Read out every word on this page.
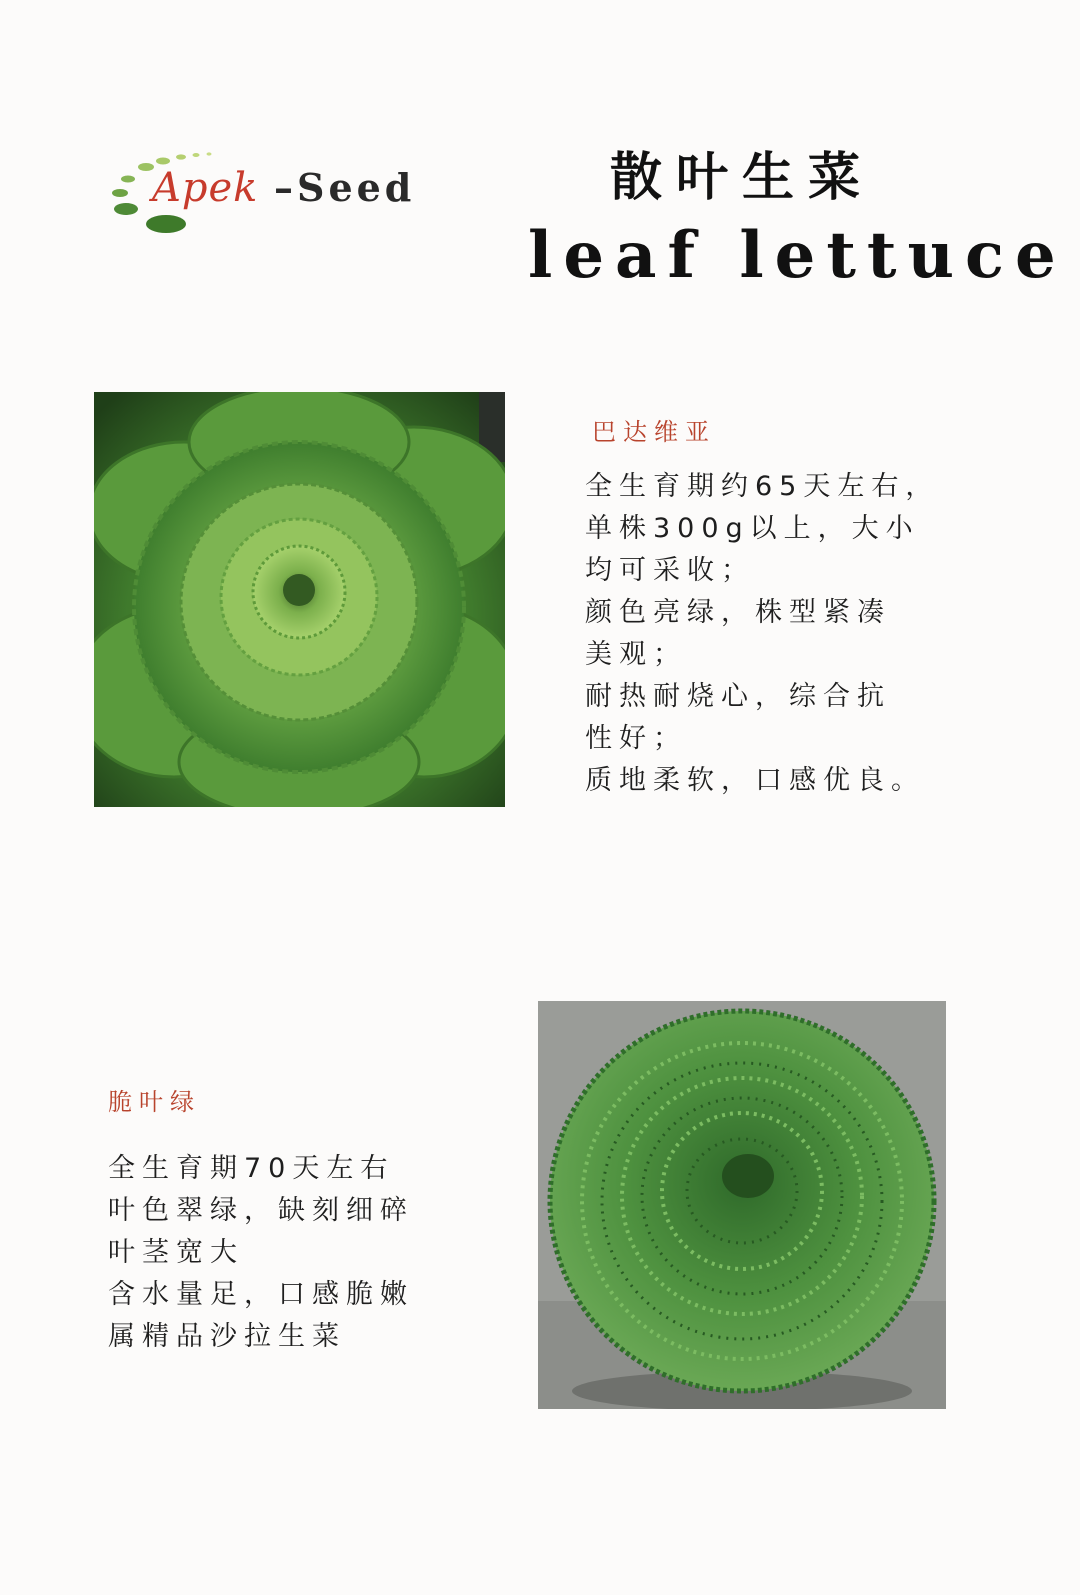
Apek –Seed	散叶生菜
leaf lettuce
巴达维亚
全生育期约65天左右，
单株300g以上，大小
均可采收；
颜色亮绿，株型紧凑
美观；
耐热耐烧心，综合抗
性好；
质地柔软，口感优良。
脆叶绿
全生育期70天左右
叶色翠绿，缺刻细碎
叶茎宽大
含水量足，口感脆嫩
属精品沙拉生菜
